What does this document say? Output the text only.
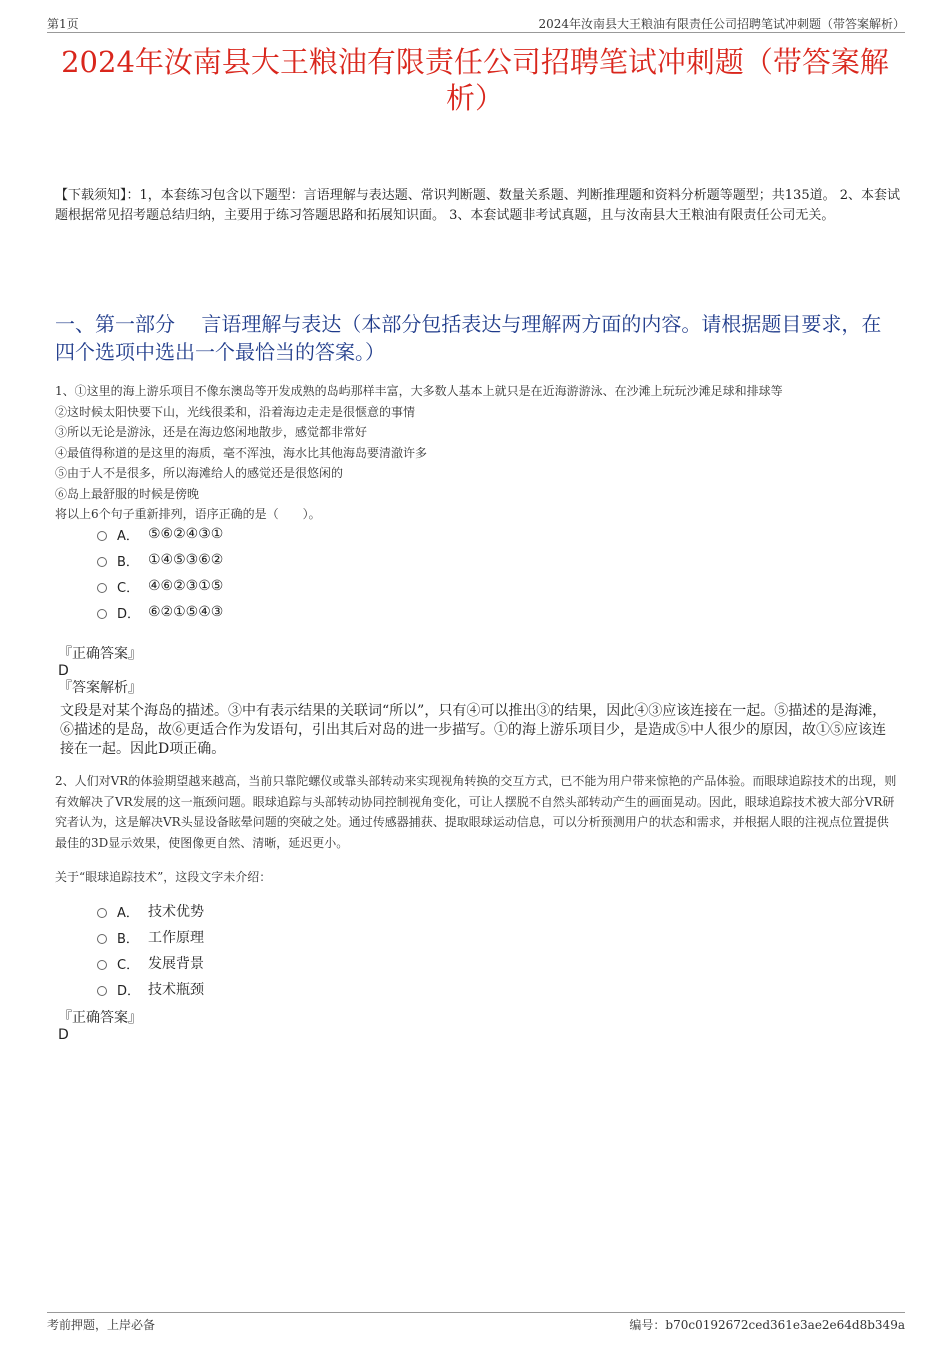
第1页	2024年汝南县大王粮油有限责任公司招聘笔试冲刺题（带答案解析）
2024年汝南县大王粮油有限责任公司招聘笔试冲刺题（带答案解析）
【下载须知】：1，本套练习包含以下题型：言语理解与表达题、常识判断题、数量关系题、判断推理题和资料分析题等题型；共135道。 2、本套试题根据常见招考题总结归纳，主要用于练习答题思路和拓展知识面。 3、本套试题非考试真题，且与汝南县大王粮油有限责任公司无关。
一、第一部分　 言语理解与表达（本部分包括表达与理解两方面的内容。请根据题目要求，在四个选项中选出一个最恰当的答案。）

1、①这里的海上游乐项目不像东澳岛等开发成熟的岛屿那样丰富，大多数人基本上就只是在近海游游泳、在沙滩上玩玩沙滩足球和排球等

②这时候太阳快要下山，光线很柔和，沿着海边走走是很惬意的事情

③所以无论是游泳，还是在海边悠闲地散步，感觉都非常好

④最值得称道的是这里的海质，毫不浑浊，海水比其他海岛要清澈许多

⑤由于人不是很多，所以海滩给人的感觉还是很悠闲的

⑥岛上最舒服的时候是傍晚

将以上6个句子重新排列，语序正确的是（　　）。

A． ⑤⑥②④③①
B． ①④⑤③⑥②
C． ④⑥②③①⑤
D． ⑥②①⑤④③
『正确答案』
D
『答案解析』
文段是对某个海岛的描述。③中有表示结果的关联词“所以”，只有④可以推出③的结果，因此④③应该连接在一起。⑤描述的是海滩，⑥描述的是岛，故⑥更适合作为发语句，引出其后对岛的进一步描写。①的海上游乐项目少，是造成⑤中人很少的原因，故①⑤应该连接在一起。因此D项正确。

2、人们对VR的体验期望越来越高，当前只靠陀螺仪或靠头部转动来实现视角转换的交互方式，已不能为用户带来惊艳的产品体验。而眼球追踪技术的出现，则有效解决了VR发展的这一瓶颈问题。眼球追踪与头部转动协同控制视角变化，可让人摆脱不自然头部转动产生的画面晃动。因此，眼球追踪技术被大部分VR研究者认为，这是解决VR头显设备眩晕问题的突破之处。通过传感器捕获、提取眼球运动信息，可以分析预测用户的状态和需求，并根据人眼的注视点位置提供最佳的3D显示效果，使图像更自然、清晰，延迟更小。

关于“眼球追踪技术”，这段文字未介绍：

A． 技术优势
B． 工作原理
C． 发展背景
D． 技术瓶颈
『正确答案』
D
考前押题，上岸必备	编号：b70c0192672ced361e3ae2e64d8b349a
